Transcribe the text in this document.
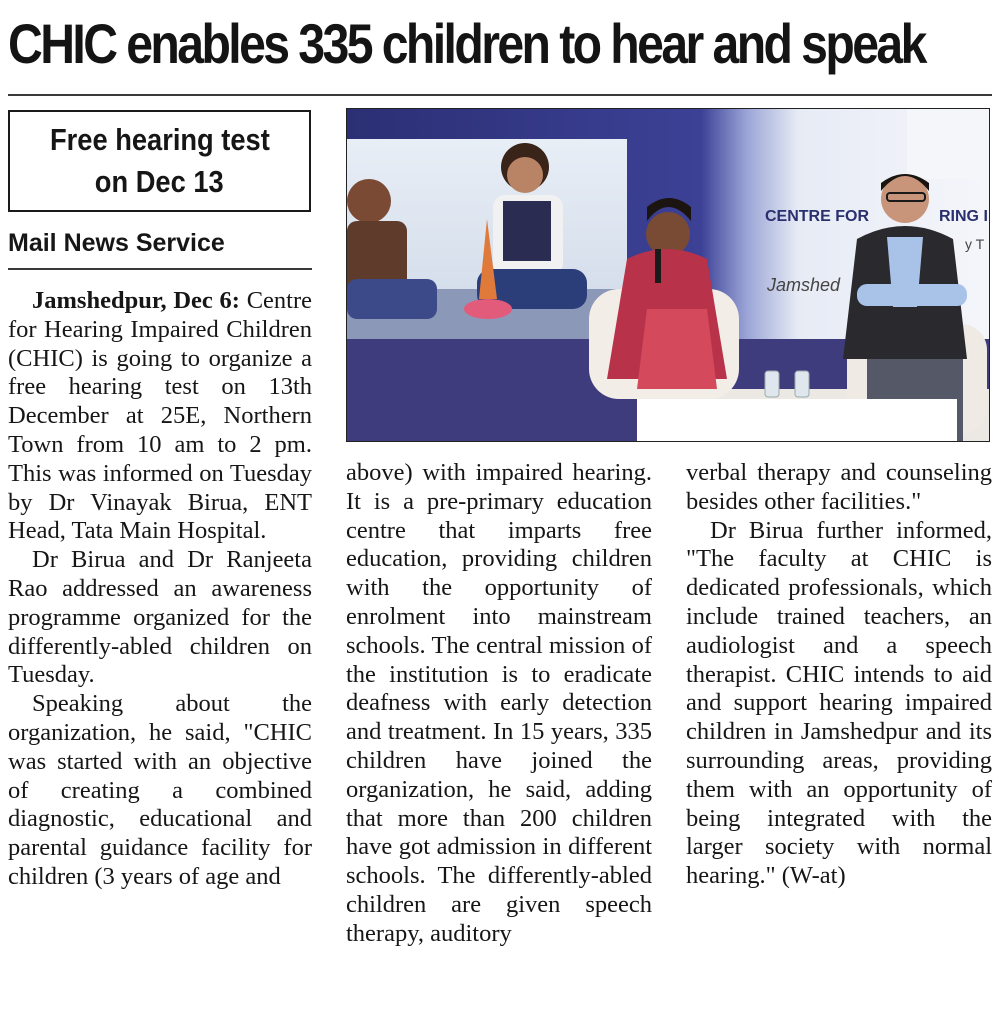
CHIC enables 335 children to hear and speak
Free hearing test
on Dec 13
Mail News Service

Jamshedpur, Dec 6: Centre for Hearing Impaired Children (CHIC) is going to organize a free hearing test on 13th December at 25E, Northern Town from 10 am to 2 pm. This was informed on Tuesday by Dr Vinayak Birua, ENT Head, Tata Main Hospital.

Dr Birua and Dr Ranjeeta Rao addressed an awareness programme organized for the differently-abled children on Tuesday.

Speaking about the organization, he said, "CHIC was started with an objective of creating a combined diagnostic, educational and parental guidance facility for children (3 years of age and

CENTRE FOR	RING I
Jamshed
y T

above) with impaired hearing. It is a pre-primary education centre that imparts free education, providing children with the opportunity of enrolment into mainstream schools. The central mission of the institution is to eradicate deafness with early detection and treatment. In 15 years, 335 children have joined the organization, he said, adding that more than 200 children have got admission in different schools. The differently-abled children are given speech therapy, auditory

verbal therapy and counseling besides other facilities."

Dr Birua further informed, "The faculty at CHIC is dedicated professionals, which include trained teachers, an audiologist and a speech therapist. CHIC intends to aid and support hearing impaired children in Jamshedpur and its surrounding areas, providing them with an opportunity of being integrated with the larger society with normal hearing." (W-at)
